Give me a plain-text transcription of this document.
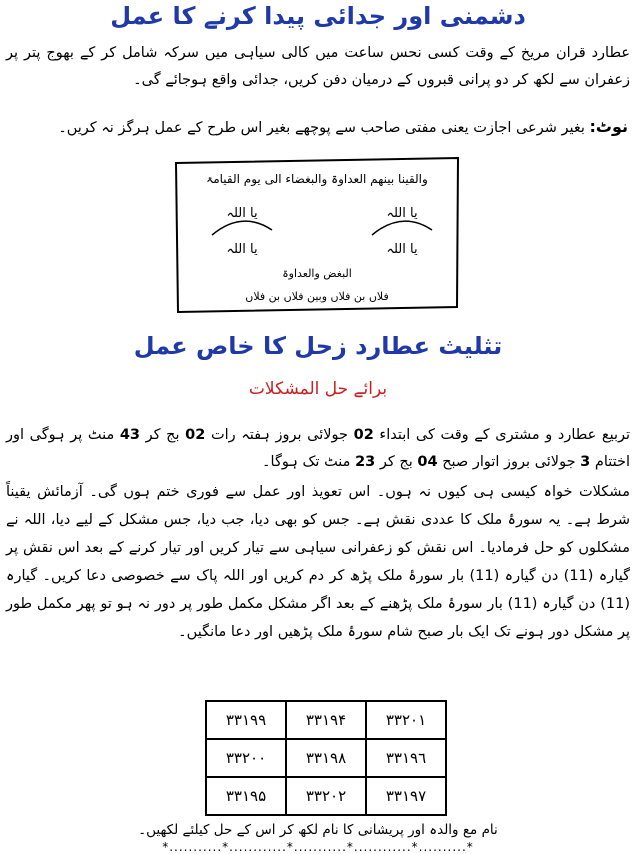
دشمنی اور جدائی پیدا کرنے کا عمل
عطارد قران مریخ کے وقت کسی نحس ساعت میں کالی سیاہی میں سرکہ شامل کر کے بھوج پتر پر زعفران سے لکھ کر دو پرانی قبروں کے درمیان دفن کریں، جدائی واقع ہوجائے گی۔
نوٹ: بغیر شرعی اجازت یعنی مفتی صاحب سے پوچھے بغیر اس طرح کے عمل ہرگز نہ کریں۔
والقینا بینھم العداوۃ والبغضاء الی یوم القیامۃ
یا اللہ	یا اللہ
یا اللہ	یا اللہ
البغض والعداوۃ
فلاں بن فلاں وبین فلاں بن فلاں
تثلیث عطارد زحل کا خاص عمل
برائے حل المشکلات
تربیع عطارد و مشتری کے وقت کی ابتداء 02 جولائی بروز ہفتہ رات 02 بج کر 43 منٹ پر ہوگی اور اختتام 3 جولائی بروز اتوار صبح 04 بج کر 23 منٹ تک ہوگا۔
مشکلات خواہ کیسی ہی کیوں نہ ہوں۔ اس تعویذ اور عمل سے فوری ختم ہوں گی۔ آزمائش یقیناً شرط ہے۔ یہ سورۂ ملک کا عددی نقش ہے۔ جس کو بھی دیا، جب دیا، جس مشکل کے لیے دیا، اللہ نے مشکلوں کو حل فرمادیا۔ اس نقش کو زعفرانی سیاہی سے تیار کریں اور تیار کرنے کے بعد اس نقش پر گیارہ (11) دن گیارہ (11) بار سورۂ ملک پڑھ کر دم کریں اور اللہ پاک سے خصوصی دعا کریں۔ گیارہ (11) دن گیارہ (11) بار سورۂ ملک پڑھنے کے بعد اگر مشکل مکمل طور پر دور نہ ہو تو پھر مکمل طور پر مشکل دور ہونے تک ایک بار صبح شام سورۂ ملک پڑھیں اور دعا مانگیں۔
۳۳۱۹۹	۳۳۱۹۴	۳۳۲۰۱
۳۳۲۰۰	۳۳۱۹۸	۳۳۱۹٦
۳۳۱۹۵	۳۳۲۰۲	۳۳۱۹۷
نام مع والدہ اور پریشانی کا نام لکھ کر اس کے حل کیلئے لکھیں۔
*...........*............*...........*............*..........*
